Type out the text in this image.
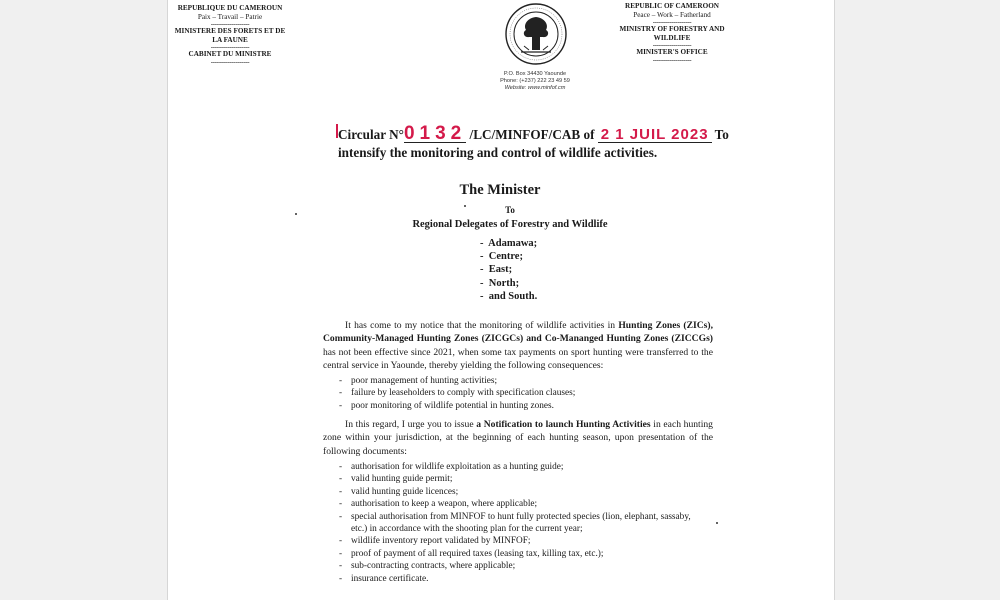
REPUBLIQUE DU CAMEROUN
Paix – Travail – Patrie
-------------------
MINISTERE DES FORETS ET DE LA FAUNE
-------------------
CABINET DU MINISTRE
-------------------
P.O. Box 34430 Yaounde
Phone: (+237) 222 23 49 59
Website: www.minfof.cm
REPUBLIC OF CAMEROON
Peace – Work – Fatherland
-------------------
MINISTRY OF FORESTRY AND WILDLIFE
-------------------
MINISTER'S OFFICE
-------------------
Circular N°0132 /LC/MINFOF/CAB of 2 1 JUIL 2023 To
intensify the monitoring and control of wildlife activities.
The Minister
To
Regional Delegates of Forestry and Wildlife
- Adamawa;
- Centre;
- East;
- North;
- and South.
It has come to my notice that the monitoring of wildlife activities in Hunting Zones (ZICs), Community-Managed Hunting Zones (ZICGCs) and Co-Mananged Hunting Zones (ZICCGs) has not been effective since 2021, when some tax payments on sport hunting were transferred to the central service in Yaounde, thereby yielding the following consequences:
- poor management of hunting activities;
- failure by leaseholders to comply with specification clauses;
- poor monitoring of wildlife potential in hunting zones.
In this regard, I urge you to issue a Notification to launch Hunting Activities in each hunting zone within your jurisdiction, at the beginning of each hunting season, upon presentation of the following documents:
- authorisation for wildlife exploitation as a hunting guide;
- valid hunting guide permit;
- valid hunting guide licences;
- authorisation to keep a weapon, where applicable;
- special authorisation from MINFOF to hunt fully protected species (lion, elephant, sassaby, etc.) in accordance with the shooting plan for the current year;
- wildlife inventory report validated by MINFOF;
- proof of payment of all required taxes (leasing tax, killing tax, etc.);
- sub-contracting contracts, where applicable;
- insurance certificate.
